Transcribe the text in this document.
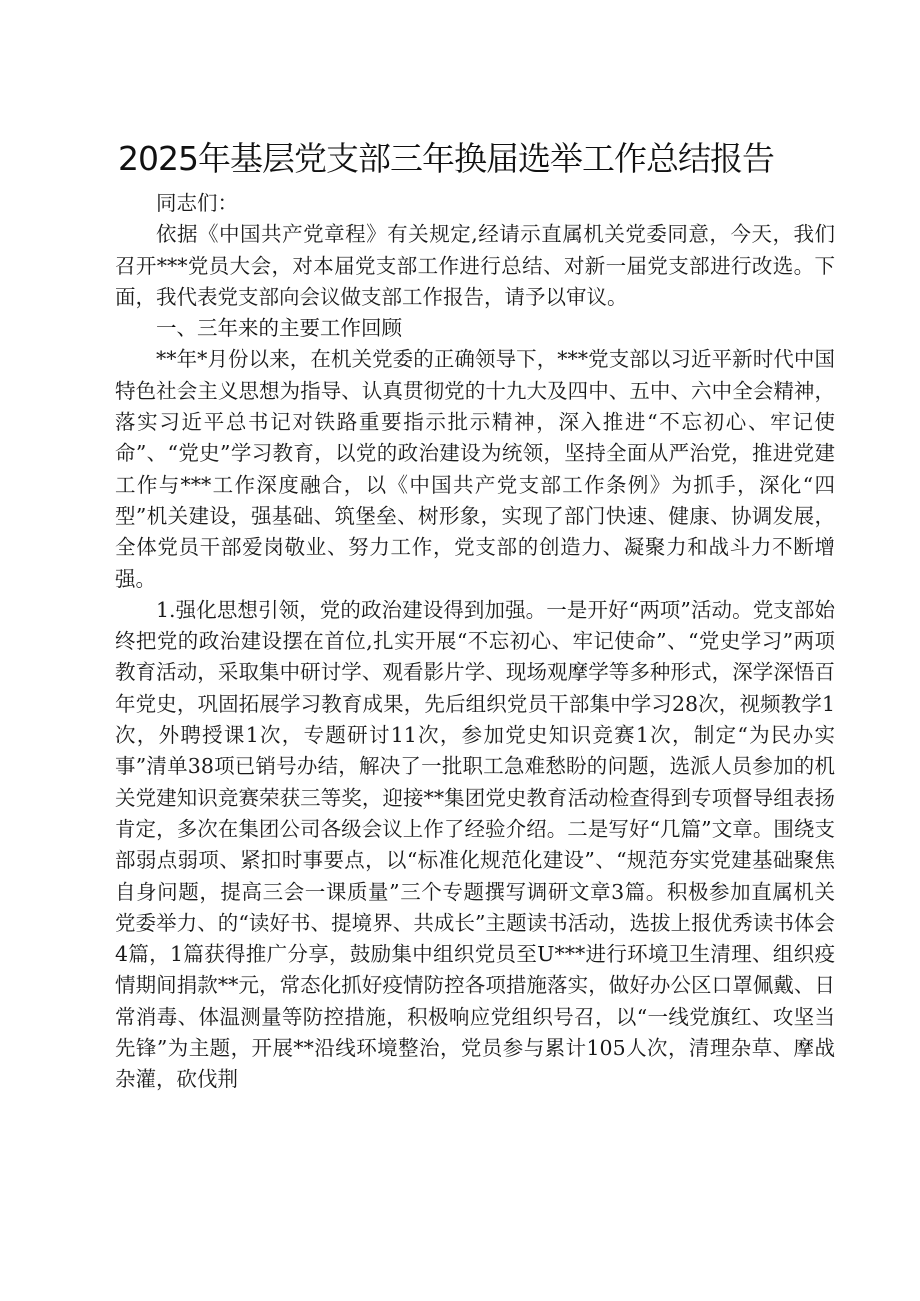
2025年基层党支部三年换届选举工作总结报告

同志们：

依据《中国共产党章程》有关规定,经请示直属机关党委同意，今天，我们召开***党员大会，对本届党支部工作进行总结、对新一届党支部进行改选。下面，我代表党支部向会议做支部工作报告，请予以审议。

一、三年来的主要工作回顾

**年*月份以来，在机关党委的正确领导下，***党支部以习近平新时代中国特色社会主义思想为指导、认真贯彻党的十九大及四中、五中、六中全会精神，落实习近平总书记对铁路重要指示批示精神，深入推进“不忘初心、牢记使命”、“党史”学习教育，以党的政治建设为统领，坚持全面从严治党，推进党建工作与***工作深度融合，以《中国共产党支部工作条例》为抓手，深化“四型”机关建设，强基础、筑堡垒、树形象，实现了部门快速、健康、协调发展，全体党员干部爱岗敬业、努力工作，党支部的创造力、凝聚力和战斗力不断增强。

1.强化思想引领，党的政治建设得到加强。一是开好“两项”活动。党支部始终把党的政治建设摆在首位,扎实开展“不忘初心、牢记使命”、“党史学习”两项教育活动，采取集中研讨学、观看影片学、现场观摩学等多种形式，深学深悟百年党史，巩固拓展学习教育成果，先后组织党员干部集中学习28次，视频教学1次，外聘授课1次，专题研讨11次，参加党史知识竞赛1次，制定“为民办实事”清单38项已销号办结，解决了一批职工急难愁盼的问题，选派人员参加的机关党建知识竞赛荣获三等奖，迎接**集团党史教育活动检查得到专项督导组表扬肯定，多次在集团公司各级会议上作了经验介绍。二是写好“几篇”文章。围绕支部弱点弱项、紧扣时事要点，以“标准化规范化建设”、“规范夯实党建基础聚焦自身问题，提高三会一课质量”三个专题撰写调研文章3篇。积极参加直属机关党委举力、的“读好书、提境界、共成长”主题读书活动，选拔上报优秀读书体会4篇，1篇获得推广分享，鼓励集中组织党员至U***进行环境卫生清理、组织疫情期间捐款**元，常态化抓好疫情防控各项措施落实，做好办公区口罩佩戴、日常消毒、体温测量等防控措施，积极响应党组织号召，以“一线党旗红、攻坚当先锋”为主题，开展**沿线环境整治，党员参与累计105人次，清理杂草、摩战杂灌，砍伐荆
